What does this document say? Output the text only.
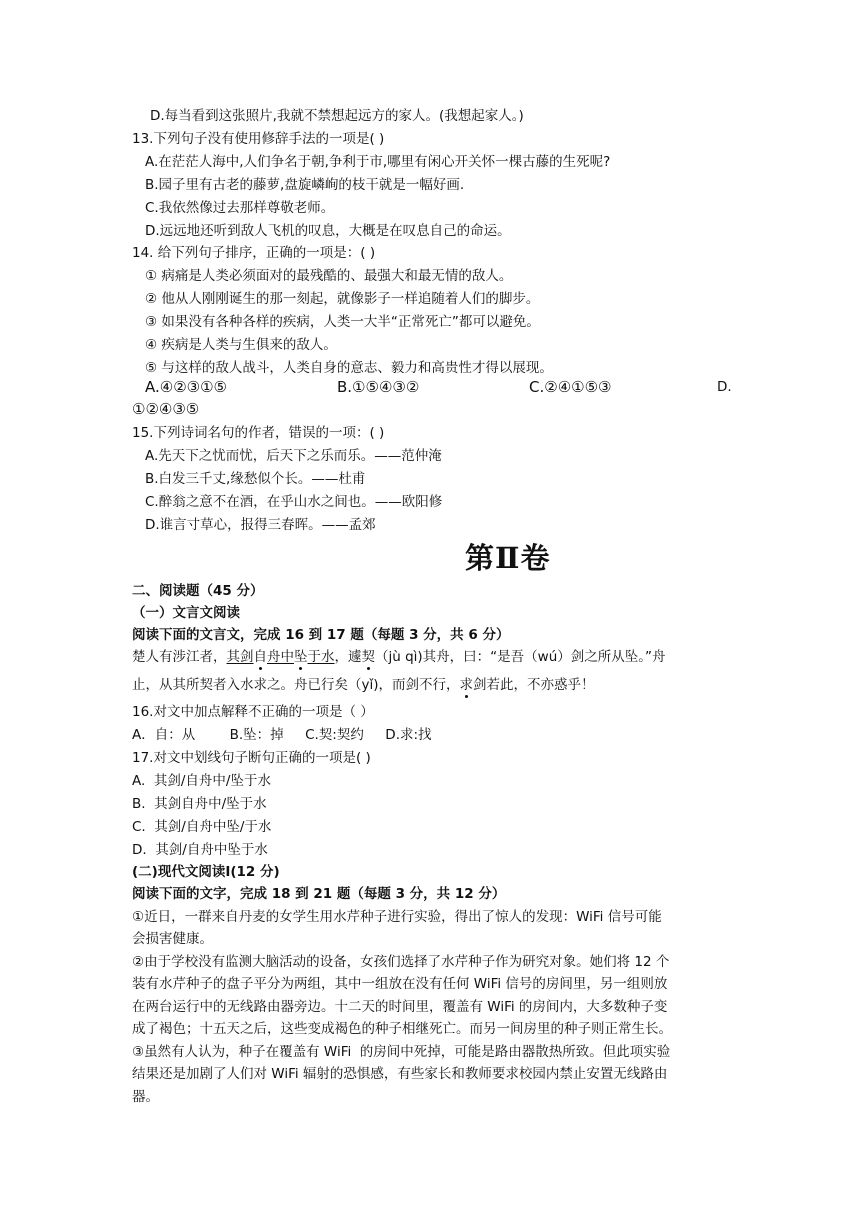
D.每当看到这张照片,我就不禁想起远方的家人。(我想起家人。)
13.下列句子没有使用修辞手法的一项是( )
A.在茫茫人海中,人们争名于朝,争利于市,哪里有闲心开关怀一棵古藤的生死呢?
B.园子里有古老的藤萝,盘旋嶙峋的枝干就是一幅好画.
C.我依然像过去那样尊敬老师。
D.远远地还听到敌人飞机的叹息，大概是在叹息自己的命运。
14. 给下列句子排序，正确的一项是：( )
① 病痛是人类必须面对的最残酷的、最强大和最无情的敌人。
② 他从人刚刚诞生的那一刻起，就像影子一样追随着人们的脚步。
③ 如果没有各种各样的疾病，人类一大半“正常死亡”都可以避免。
④ 疾病是人类与生俱来的敌人。
⑤ 与这样的敌人战斗，人类自身的意志、毅力和高贵性才得以展现。
A.④②③①⑤	B.①⑤④③②	C.②④①⑤③	D.
①②④③⑤
15.下列诗词名句的作者，错误的一项：( )
A.先天下之忧而忧，后天下之乐而乐。——范仲淹
B.白发三千丈,缘愁似个长。——杜甫
C.醉翁之意不在酒，在乎山水之间也。——欧阳修
D.谁言寸草心，报得三春晖。——孟郊
第Ⅱ卷
二、阅读题（45 分）
（一）文言文阅读
阅读下面的文言文，完成 16 到 17 题（每题 3 分，共 6 分）
楚人有涉江者，其剑自舟中坠于水，遽契（jù qì)其舟，曰：“是吾（wú）剑之所从坠。”舟
止，从其所契者入水求之。舟已行矣（yǐ)，而剑不行，求剑若此，不亦惑乎！
16.对文中加点解释不正确的一项是（ ）
A．自：从        B.坠：掉     C.契:契约     D.求:找
17.对文中划线句子断句正确的一项是( )
A.  其剑/自舟中/坠于水
B.  其剑自舟中/坠于水
C.  其剑/自舟中坠/于水
D.  其剑/自舟中坠于水
(二)现代文阅读Ⅰ(12 分)
阅读下面的文字，完成 18 到 21 题（每题 3 分，共 12 分）
①近日，一群来自丹麦的女学生用水芹种子进行实验，得出了惊人的发现：WiFi 信号可能
会损害健康。
②由于学校没有监测大脑活动的设备，女孩们选择了水芹种子作为研究对象。她们将 12 个
装有水芹种子的盘子平分为两组，其中一组放在没有任何 WiFi 信号的房间里，另一组则放
在两台运行中的无线路由器旁边。十二天的时间里，覆盖有 WiFi 的房间内，大多数种子变
成了褐色；十五天之后，这些变成褐色的种子相继死亡。而另一间房里的种子则正常生长。
③虽然有人认为，种子在覆盖有 WiFi  的房间中死掉，可能是路由器散热所致。但此项实验
结果还是加剧了人们对 WiFi 辐射的恐惧感，有些家长和教师要求校园内禁止安置无线路由
器。
